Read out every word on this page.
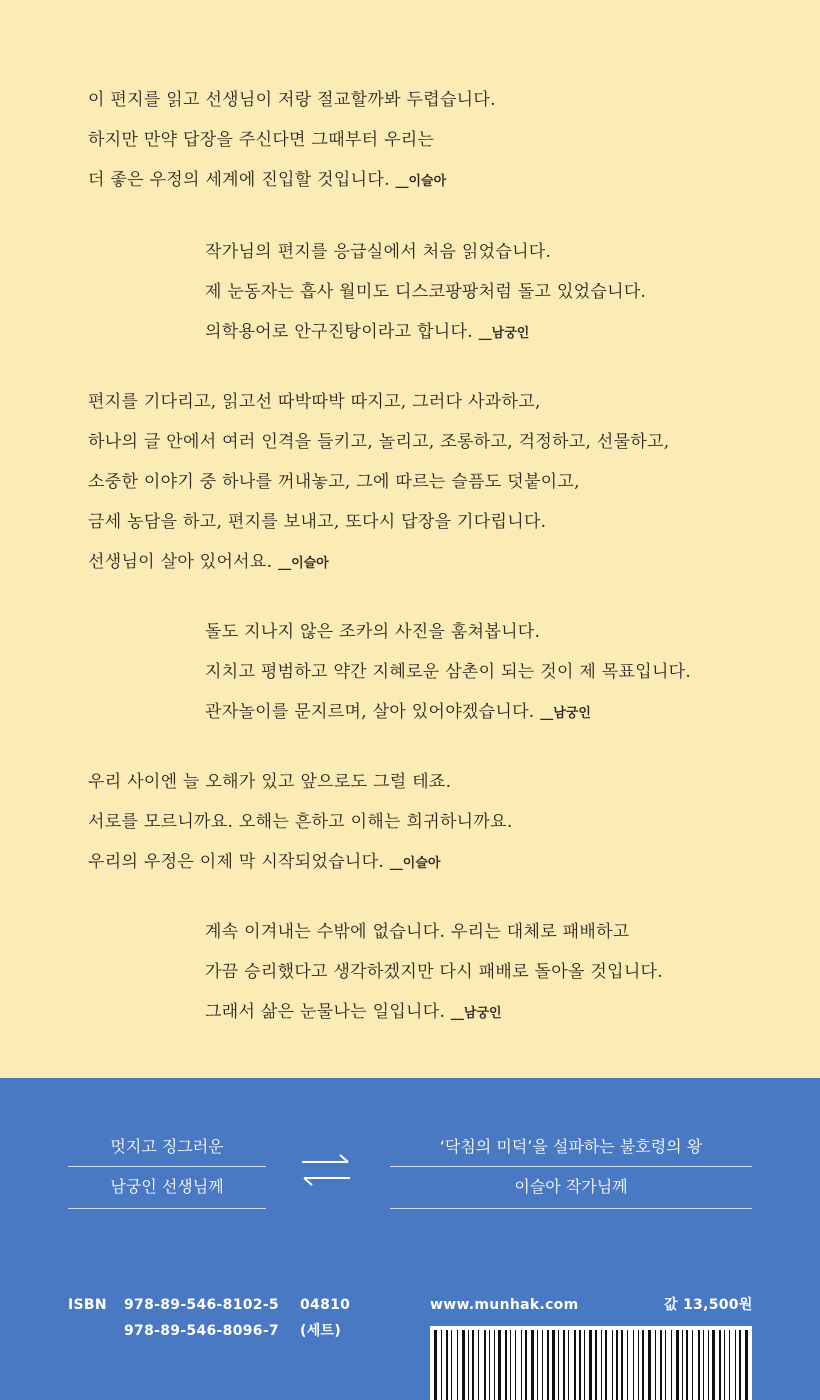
이 편지를 읽고 선생님이 저랑 절교할까봐 두렵습니다.
하지만 만약 답장을 주신다면 그때부터 우리는
더 좋은 우정의 세계에 진입할 것입니다. __이슬아
작가님의 편지를 응급실에서 처음 읽었습니다.
제 눈동자는 흡사 월미도 디스코팡팡처럼 돌고 있었습니다.
의학용어로 안구진탕이라고 합니다. __남궁인
편지를 기다리고, 읽고선 따박따박 따지고, 그러다 사과하고,
하나의 글 안에서 여러 인격을 들키고, 놀리고, 조롱하고, 걱정하고, 선물하고,
소중한 이야기 중 하나를 꺼내놓고, 그에 따르는 슬픔도 덧붙이고,
금세 농담을 하고, 편지를 보내고, 또다시 답장을 기다립니다.
선생님이 살아 있어서요. __이슬아
돌도 지나지 않은 조카의 사진을 훔쳐봅니다.
지치고 평범하고 약간 지혜로운 삼촌이 되는 것이 제 목표입니다.
관자놀이를 문지르며, 살아 있어야겠습니다. __남궁인
우리 사이엔 늘 오해가 있고 앞으로도 그럴 테죠.
서로를 모르니까요. 오해는 흔하고 이해는 희귀하니까요.
우리의 우정은 이제 막 시작되었습니다. __이슬아
계속 이겨내는 수밖에 없습니다. 우리는 대체로 패배하고
가끔 승리했다고 생각하겠지만 다시 패배로 돌아올 것입니다.
그래서 삶은 눈물나는 일입니다. __남궁인
멋지고 징그러운
남궁인 선생님께
‘닥침의 미덕’을 설파하는 불호령의 왕
이슬아 작가님께
ISBN 978-89-546-8102-5 04810
978-89-546-8096-7 (세트)
www.munhak.com	값 13,500원
